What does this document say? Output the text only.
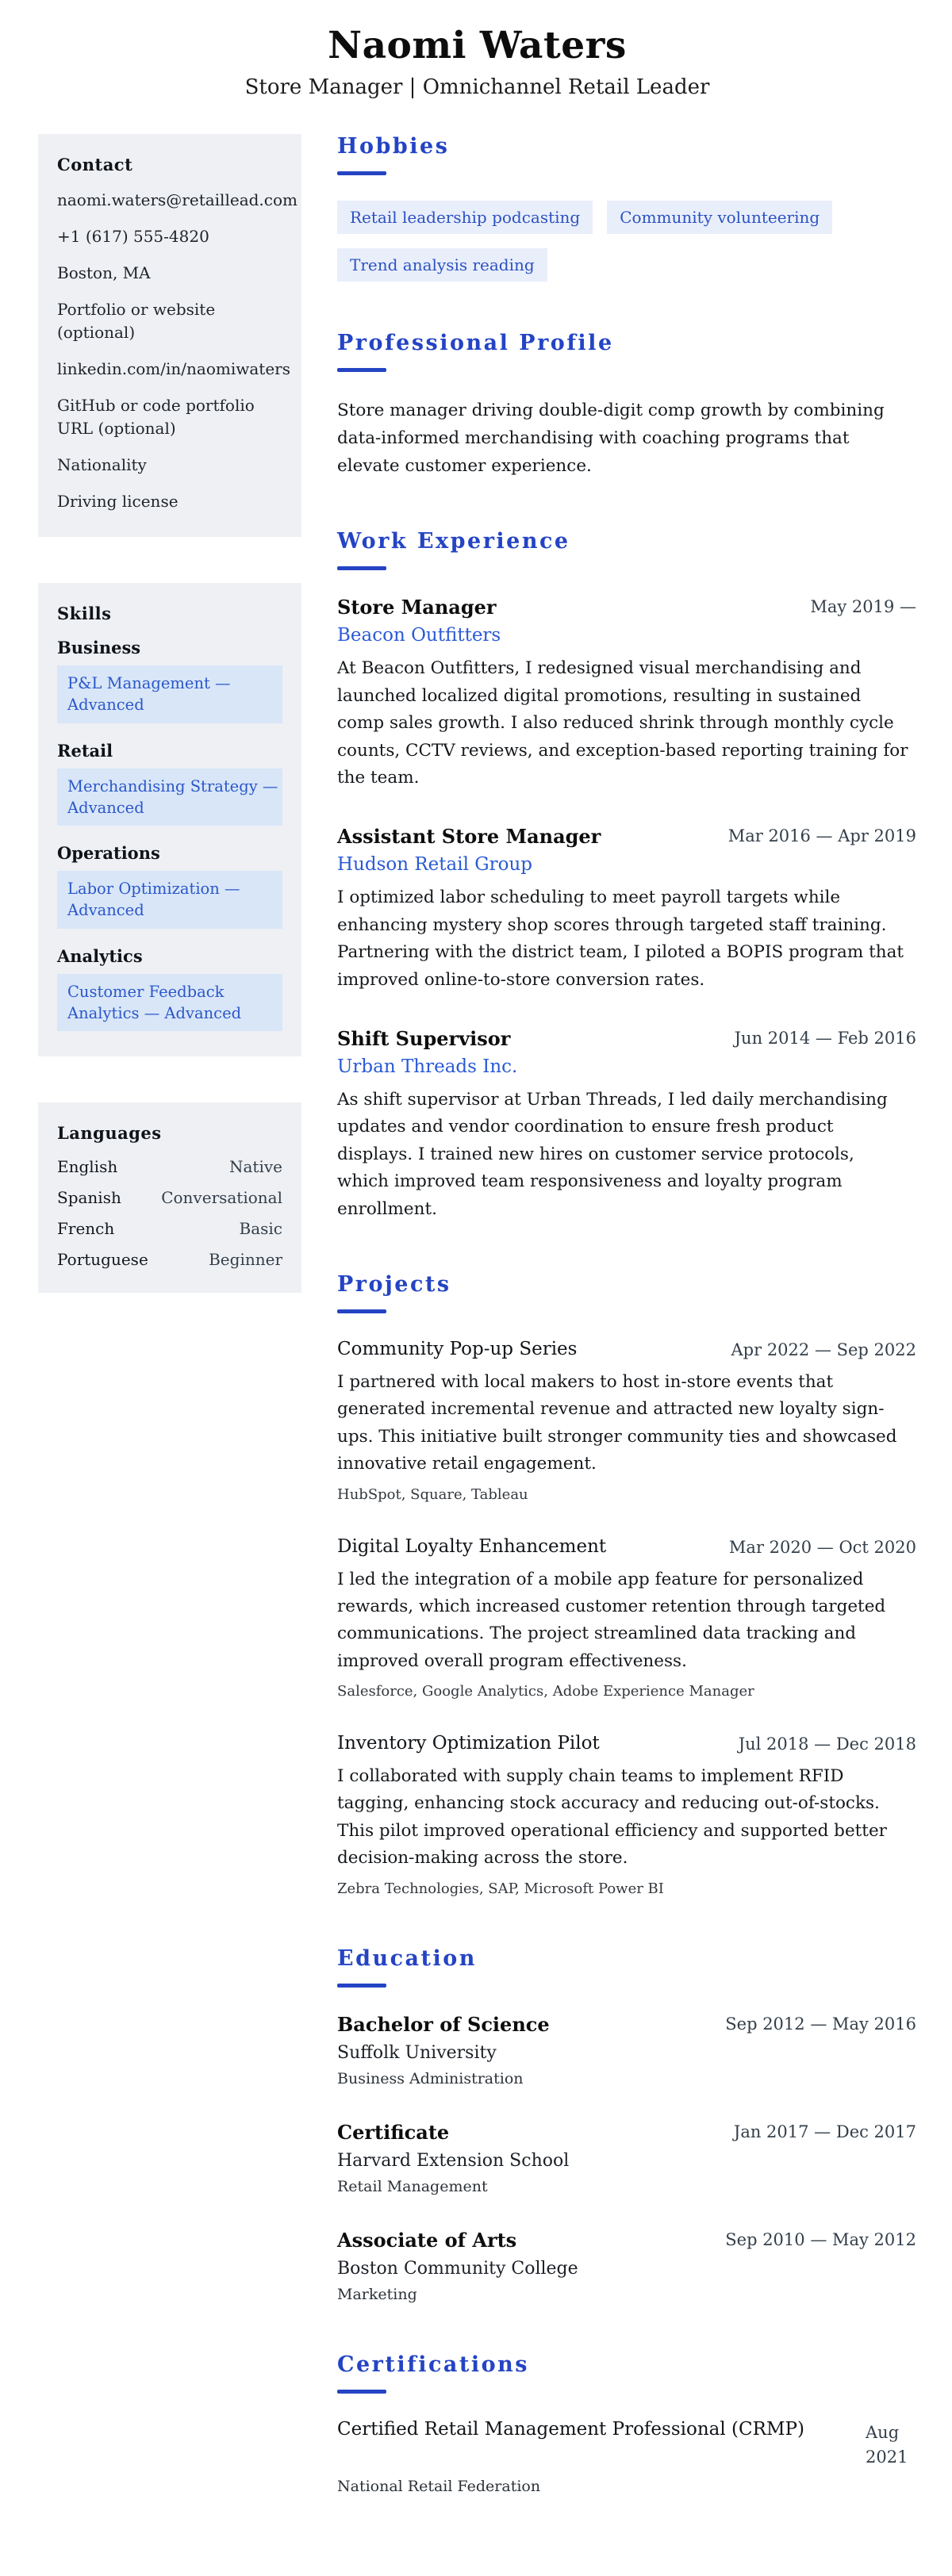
Naomi Waters
Store Manager | Omnichannel Retail Leader
Contact
naomi.waters@retaillead.com
+1 (617) 555-4820
Boston, MA
Portfolio or website (optional)
linkedin.com/in/naomiwaters
GitHub or code portfolio URL (optional)
Nationality
Driving license
Skills
Business
P&L Management — Advanced
Retail
Merchandising Strategy — Advanced
Operations
Labor Optimization — Advanced
Analytics
Customer Feedback Analytics — Advanced
Languages
English	Native
Spanish	Conversational
French	Basic
Portuguese	Beginner
Hobbies
Retail leadership podcasting	Community volunteering
Trend analysis reading
Professional Profile

Store manager driving double-digit comp growth by combining data-informed merchandising with coaching programs that elevate customer experience.

Work Experience
Store Manager	May 2019 —
Beacon Outfitters

At Beacon Outfitters, I redesigned visual merchandising and launched localized digital promotions, resulting in sustained comp sales growth. I also reduced shrink through monthly cycle counts, CCTV reviews, and exception-based reporting training for the team.

Assistant Store Manager	Mar 2016 — Apr 2019
Hudson Retail Group

I optimized labor scheduling to meet payroll targets while enhancing mystery shop scores through targeted staff training. Partnering with the district team, I piloted a BOPIS program that improved online-to-store conversion rates.

Shift Supervisor	Jun 2014 — Feb 2016
Urban Threads Inc.

As shift supervisor at Urban Threads, I led daily merchandising updates and vendor coordination to ensure fresh product displays. I trained new hires on customer service protocols, which improved team responsiveness and loyalty program enrollment.

Projects
Community Pop-up Series	Apr 2022 — Sep 2022

I partnered with local makers to host in-store events that generated incremental revenue and attracted new loyalty sign-ups. This initiative built stronger community ties and showcased innovative retail engagement.

HubSpot, Square, Tableau
Digital Loyalty Enhancement	Mar 2020 — Oct 2020

I led the integration of a mobile app feature for personalized rewards, which increased customer retention through targeted communications. The project streamlined data tracking and improved overall program effectiveness.

Salesforce, Google Analytics, Adobe Experience Manager
Inventory Optimization Pilot	Jul 2018 — Dec 2018

I collaborated with supply chain teams to implement RFID tagging, enhancing stock accuracy and reducing out-of-stocks. This pilot improved operational efficiency and supported better decision-making across the store.

Zebra Technologies, SAP, Microsoft Power BI
Education
Bachelor of Science	Sep 2012 — May 2016
Suffolk University
Business Administration
Certificate	Jan 2017 — Dec 2017
Harvard Extension School
Retail Management
Associate of Arts	Sep 2010 — May 2012
Boston Community College
Marketing
Certifications
Certified Retail Management Professional (CRMP)	Aug 2021
National Retail Federation
